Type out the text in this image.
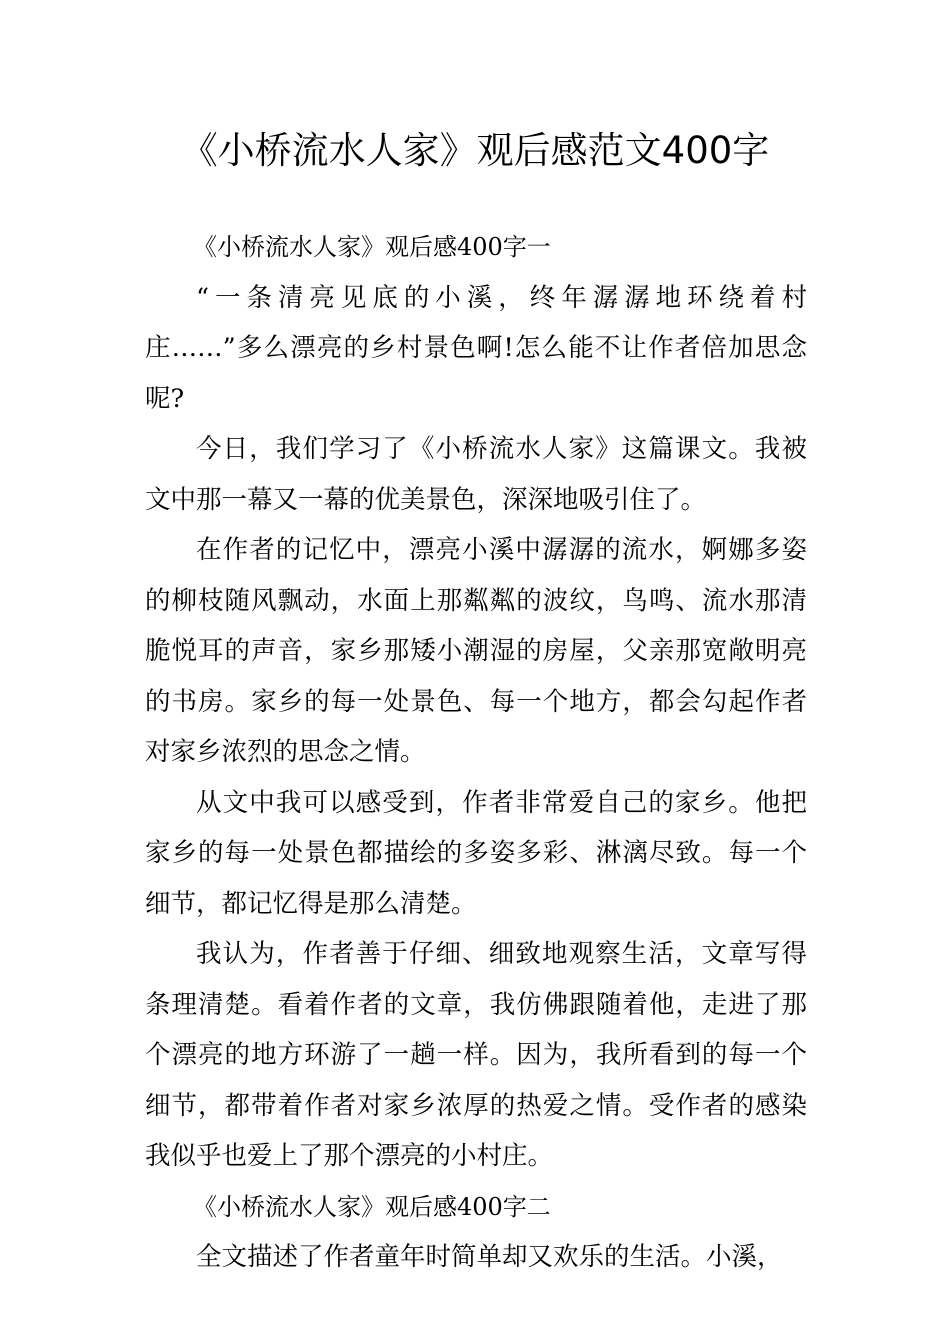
《小桥流水人家》观后感范文400字

《小桥流水人家》观后感400字一

“一条清亮见底的小溪，终年潺潺地环绕着村庄……”多么漂亮的乡村景色啊!怎么能不让作者倍加思念呢?

今日，我们学习了《小桥流水人家》这篇课文。我被文中那一幕又一幕的优美景色，深深地吸引住了。

在作者的记忆中，漂亮小溪中潺潺的流水，婀娜多姿的柳枝随风飘动，水面上那粼粼的波纹，鸟鸣、流水那清脆悦耳的声音，家乡那矮小潮湿的房屋，父亲那宽敞明亮的书房。家乡的每一处景色、每一个地方，都会勾起作者对家乡浓烈的思念之情。

从文中我可以感受到，作者非常爱自己的家乡。他把家乡的每一处景色都描绘的多姿多彩、淋漓尽致。每一个细节，都记忆得是那么清楚。

我认为，作者善于仔细、细致地观察生活，文章写得条理清楚。看着作者的文章，我仿佛跟随着他，走进了那个漂亮的地方环游了一趟一样。因为，我所看到的每一个细节，都带着作者对家乡浓厚的热爱之情。受作者的感染我似乎也爱上了那个漂亮的小村庄。

《小桥流水人家》观后感400字二

全文描述了作者童年时简单却又欢乐的生活。小溪，
